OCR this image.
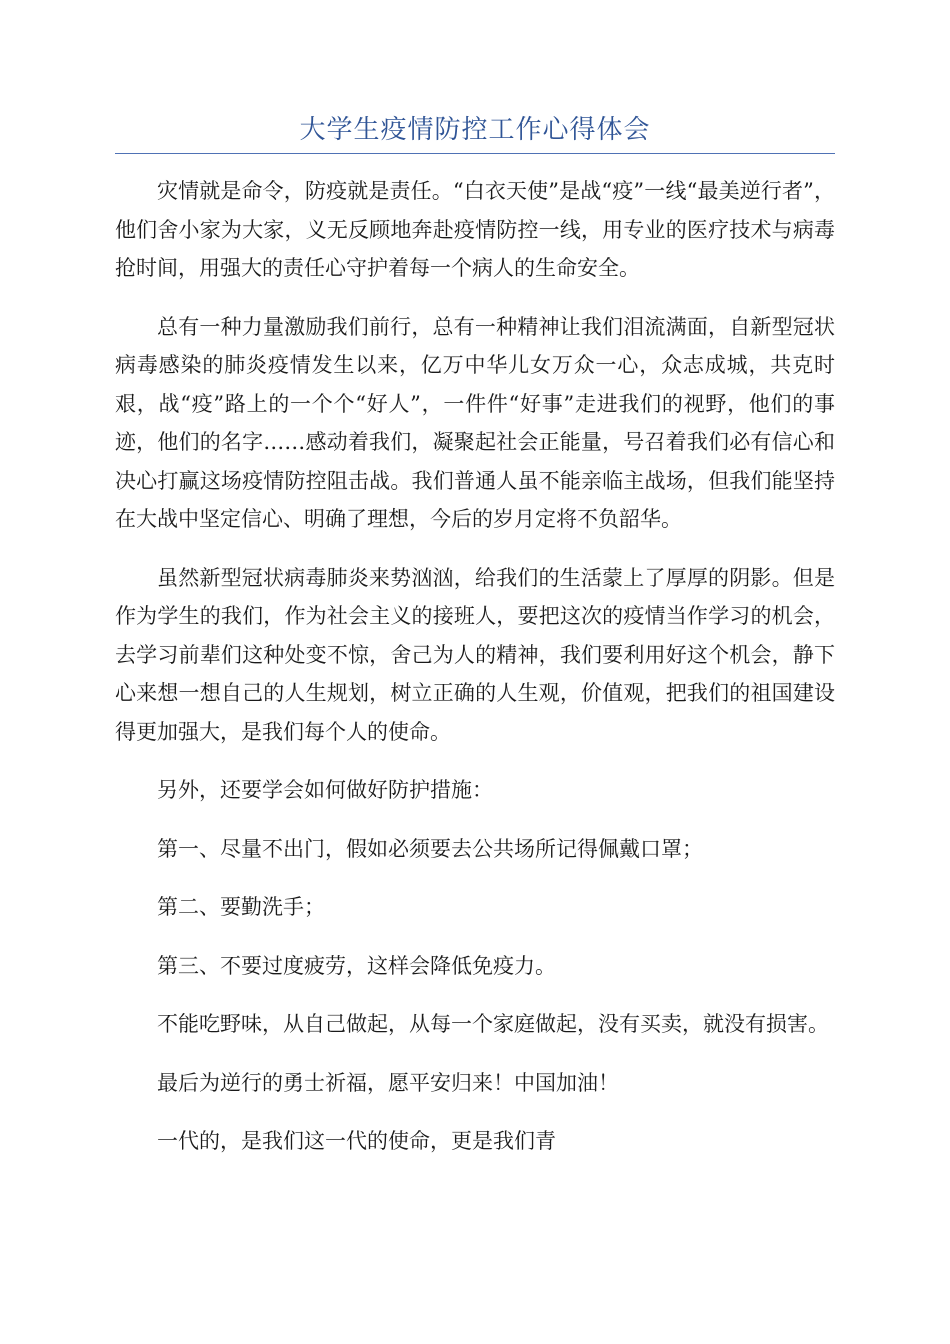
大学生疫情防控工作心得体会

灾情就是命令，防疫就是责任。“白衣天使”是战“疫”一线“最美逆行者”，他们舍小家为大家，义无反顾地奔赴疫情防控一线，用专业的医疗技术与病毒抢时间，用强大的责任心守护着每一个病人的生命安全。

总有一种力量激励我们前行，总有一种精神让我们泪流满面，自新型冠状病毒感染的肺炎疫情发生以来，亿万中华儿女万众一心，众志成城，共克时艰，战“疫”路上的一个个“好人”，一件件“好事”走进我们的视野，他们的事迹，他们的名字……感动着我们，凝聚起社会正能量，号召着我们必有信心和决心打赢这场疫情防控阻击战。我们普通人虽不能亲临主战场，但我们能坚持在大战中坚定信心、明确了理想，今后的岁月定将不负韶华。

虽然新型冠状病毒肺炎来势汹汹，给我们的生活蒙上了厚厚的阴影。但是作为学生的我们，作为社会主义的接班人，要把这次的疫情当作学习的机会，去学习前辈们这种处变不惊，舍己为人的精神，我们要利用好这个机会，静下心来想一想自己的人生规划，树立正确的人生观，价值观，把我们的祖国建设得更加强大，是我们每个人的使命。

另外，还要学会如何做好防护措施：

第一、尽量不出门，假如必须要去公共场所记得佩戴口罩；

第二、要勤洗手；

第三、不要过度疲劳，这样会降低免疫力。

不能吃野味，从自己做起，从每一个家庭做起，没有买卖，就没有损害。

最后为逆行的勇士祈福，愿平安归来！中国加油！

一代的，是我们这一代的使命，更是我们青
